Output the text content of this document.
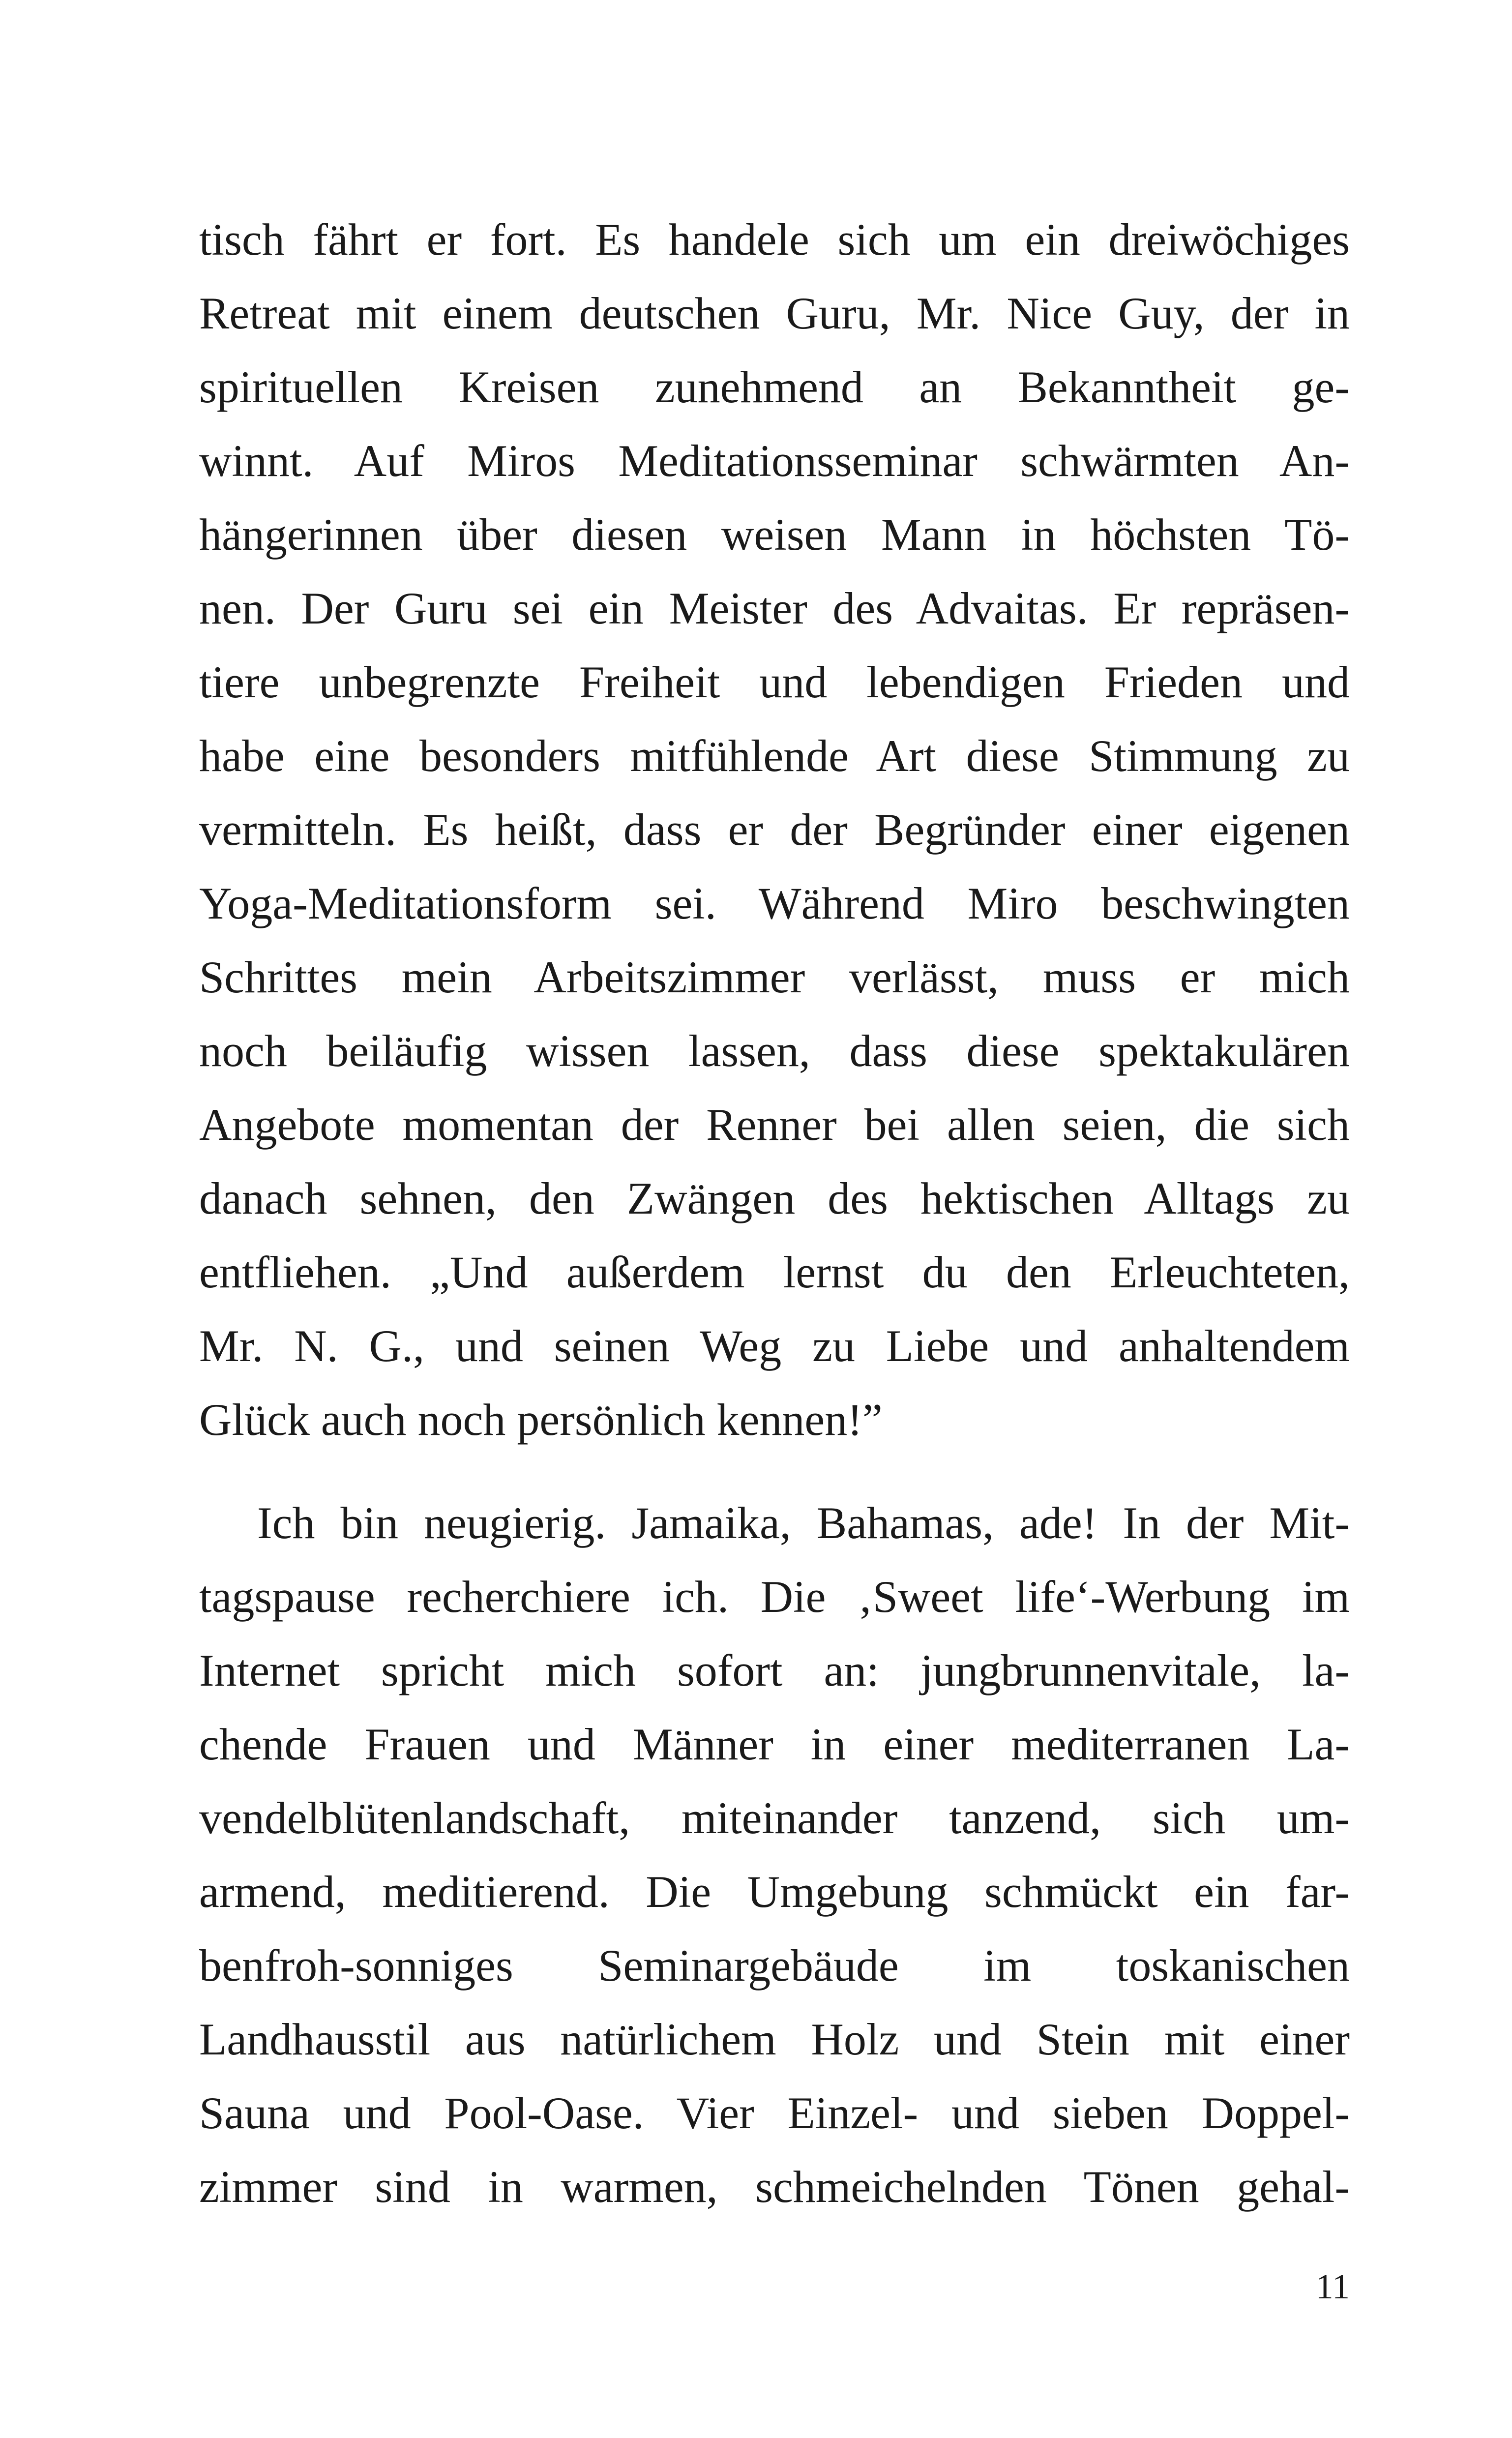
tisch fährt er fort. Es handele sich um ein dreiwöchiges
Retreat mit einem deutschen Guru, Mr. Nice Guy, der in
spirituellen Kreisen zunehmend an Bekanntheit ge-
winnt. Auf Miros Meditationsseminar schwärmten An-
hängerinnen über diesen weisen Mann in höchsten Tö-
nen. Der Guru sei ein Meister des Advaitas. Er repräsen-
tiere unbegrenzte Freiheit und lebendigen Frieden und
habe eine besonders mitfühlende Art diese Stimmung zu
vermitteln. Es heißt, dass er der Begründer einer eigenen
Yoga-Meditationsform sei. Während Miro beschwingten
Schrittes mein Arbeitszimmer verlässt, muss er mich
noch beiläufig wissen lassen, dass diese spektakulären
Angebote momentan der Renner bei allen seien, die sich
danach sehnen, den Zwängen des hektischen Alltags zu
entfliehen. „Und außerdem lernst du den Erleuchteten,
Mr. N. G., und seinen Weg zu Liebe und anhaltendem
Glück auch noch persönlich kennen!”
Ich bin neugierig. Jamaika, Bahamas, ade! In der Mit-
tagspause recherchiere ich. Die ‚Sweet life‘-Werbung im
Internet spricht mich sofort an: jungbrunnenvitale, la-
chende Frauen und Männer in einer mediterranen La-
vendelblütenlandschaft, miteinander tanzend, sich um-
armend, meditierend. Die Umgebung schmückt ein far-
benfroh-sonniges Seminargebäude im toskanischen
Landhausstil aus natürlichem Holz und Stein mit einer
Sauna und Pool-Oase. Vier Einzel- und sieben Doppel-
zimmer sind in warmen, schmeichelnden Tönen gehal-
11
